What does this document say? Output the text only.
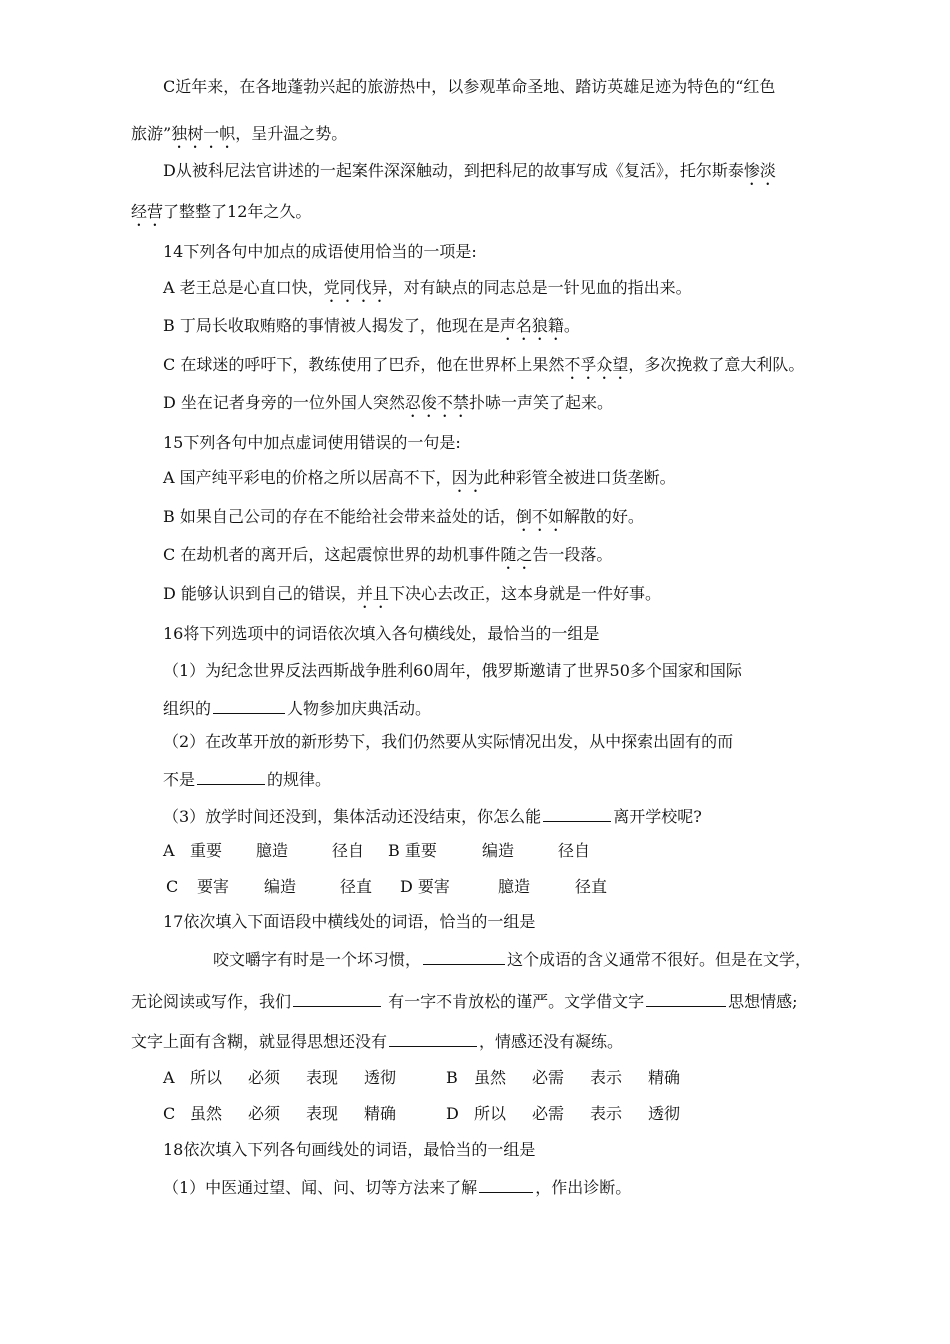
C近年来，在各地蓬勃兴起的旅游热中，以参观革命圣地、踏访英雄足迹为特色的“红色
旅游”独树一帜，呈升温之势。
D从被科尼法官讲述的一起案件深深触动，到把科尼的故事写成《复活》，托尔斯泰惨淡
经营了整整了12年之久。
14下列各句中加点的成语使用恰当的一项是:
A 老王总是心直口快，党同伐异，对有缺点的同志总是一针见血的指出来。
B 丁局长收取贿赂的事情被人揭发了，他现在是声名狼籍。
C 在球迷的呼吁下，教练使用了巴乔，他在世界杯上果然不孚众望，多次挽救了意大利队。
D 坐在记者身旁的一位外国人突然忍俊不禁扑哧一声笑了起来。
15下列各句中加点虚词使用错误的一句是:
A 国产纯平彩电的价格之所以居高不下，因为此种彩管全被进口货垄断。
B 如果自己公司的存在不能给社会带来益处的话，倒不如解散的好。
C 在劫机者的离开后，这起震惊世界的劫机事件随之告一段落。
D 能够认识到自己的错误，并且下决心去改正，这本身就是一件好事。
16将下列选项中的词语依次填入各句横线处，最恰当的一组是
（1）为纪念世界反法西斯战争胜利60周年，俄罗斯邀请了世界50多个国家和国际
组织的	人物参加庆典活动。
（2）在改革开放的新形势下，我们仍然要从实际情况出发，从中探索出固有的而
不是	的规律。
（3）放学时间还没到，集体活动还没结束，你怎么能	离开学校呢?
A 重要 臆造	径自 B 重要	编造	径自
C 要害 编造	径直 D 要害	臆造	径直
17依次填入下面语段中横线处的词语，恰当的一组是
咬文嚼字有时是一个坏习惯，	这个成语的含义通常不很好。但是在文学，
无论阅读或写作，我们	有一字不肯放松的谨严。文学借文字	思想情感;
文字上面有含糊，就显得思想还没有	，情感还没有凝练。
A 所以 必须 表现 透彻	B 虽然 必需 表示 精确
C 虽然 必须 表现 精确	D 所以 必需 表示 透彻
18依次填入下列各句画线处的词语，最恰当的一组是
（1）中医通过望、闻、问、切等方法来了解	，作出诊断。
